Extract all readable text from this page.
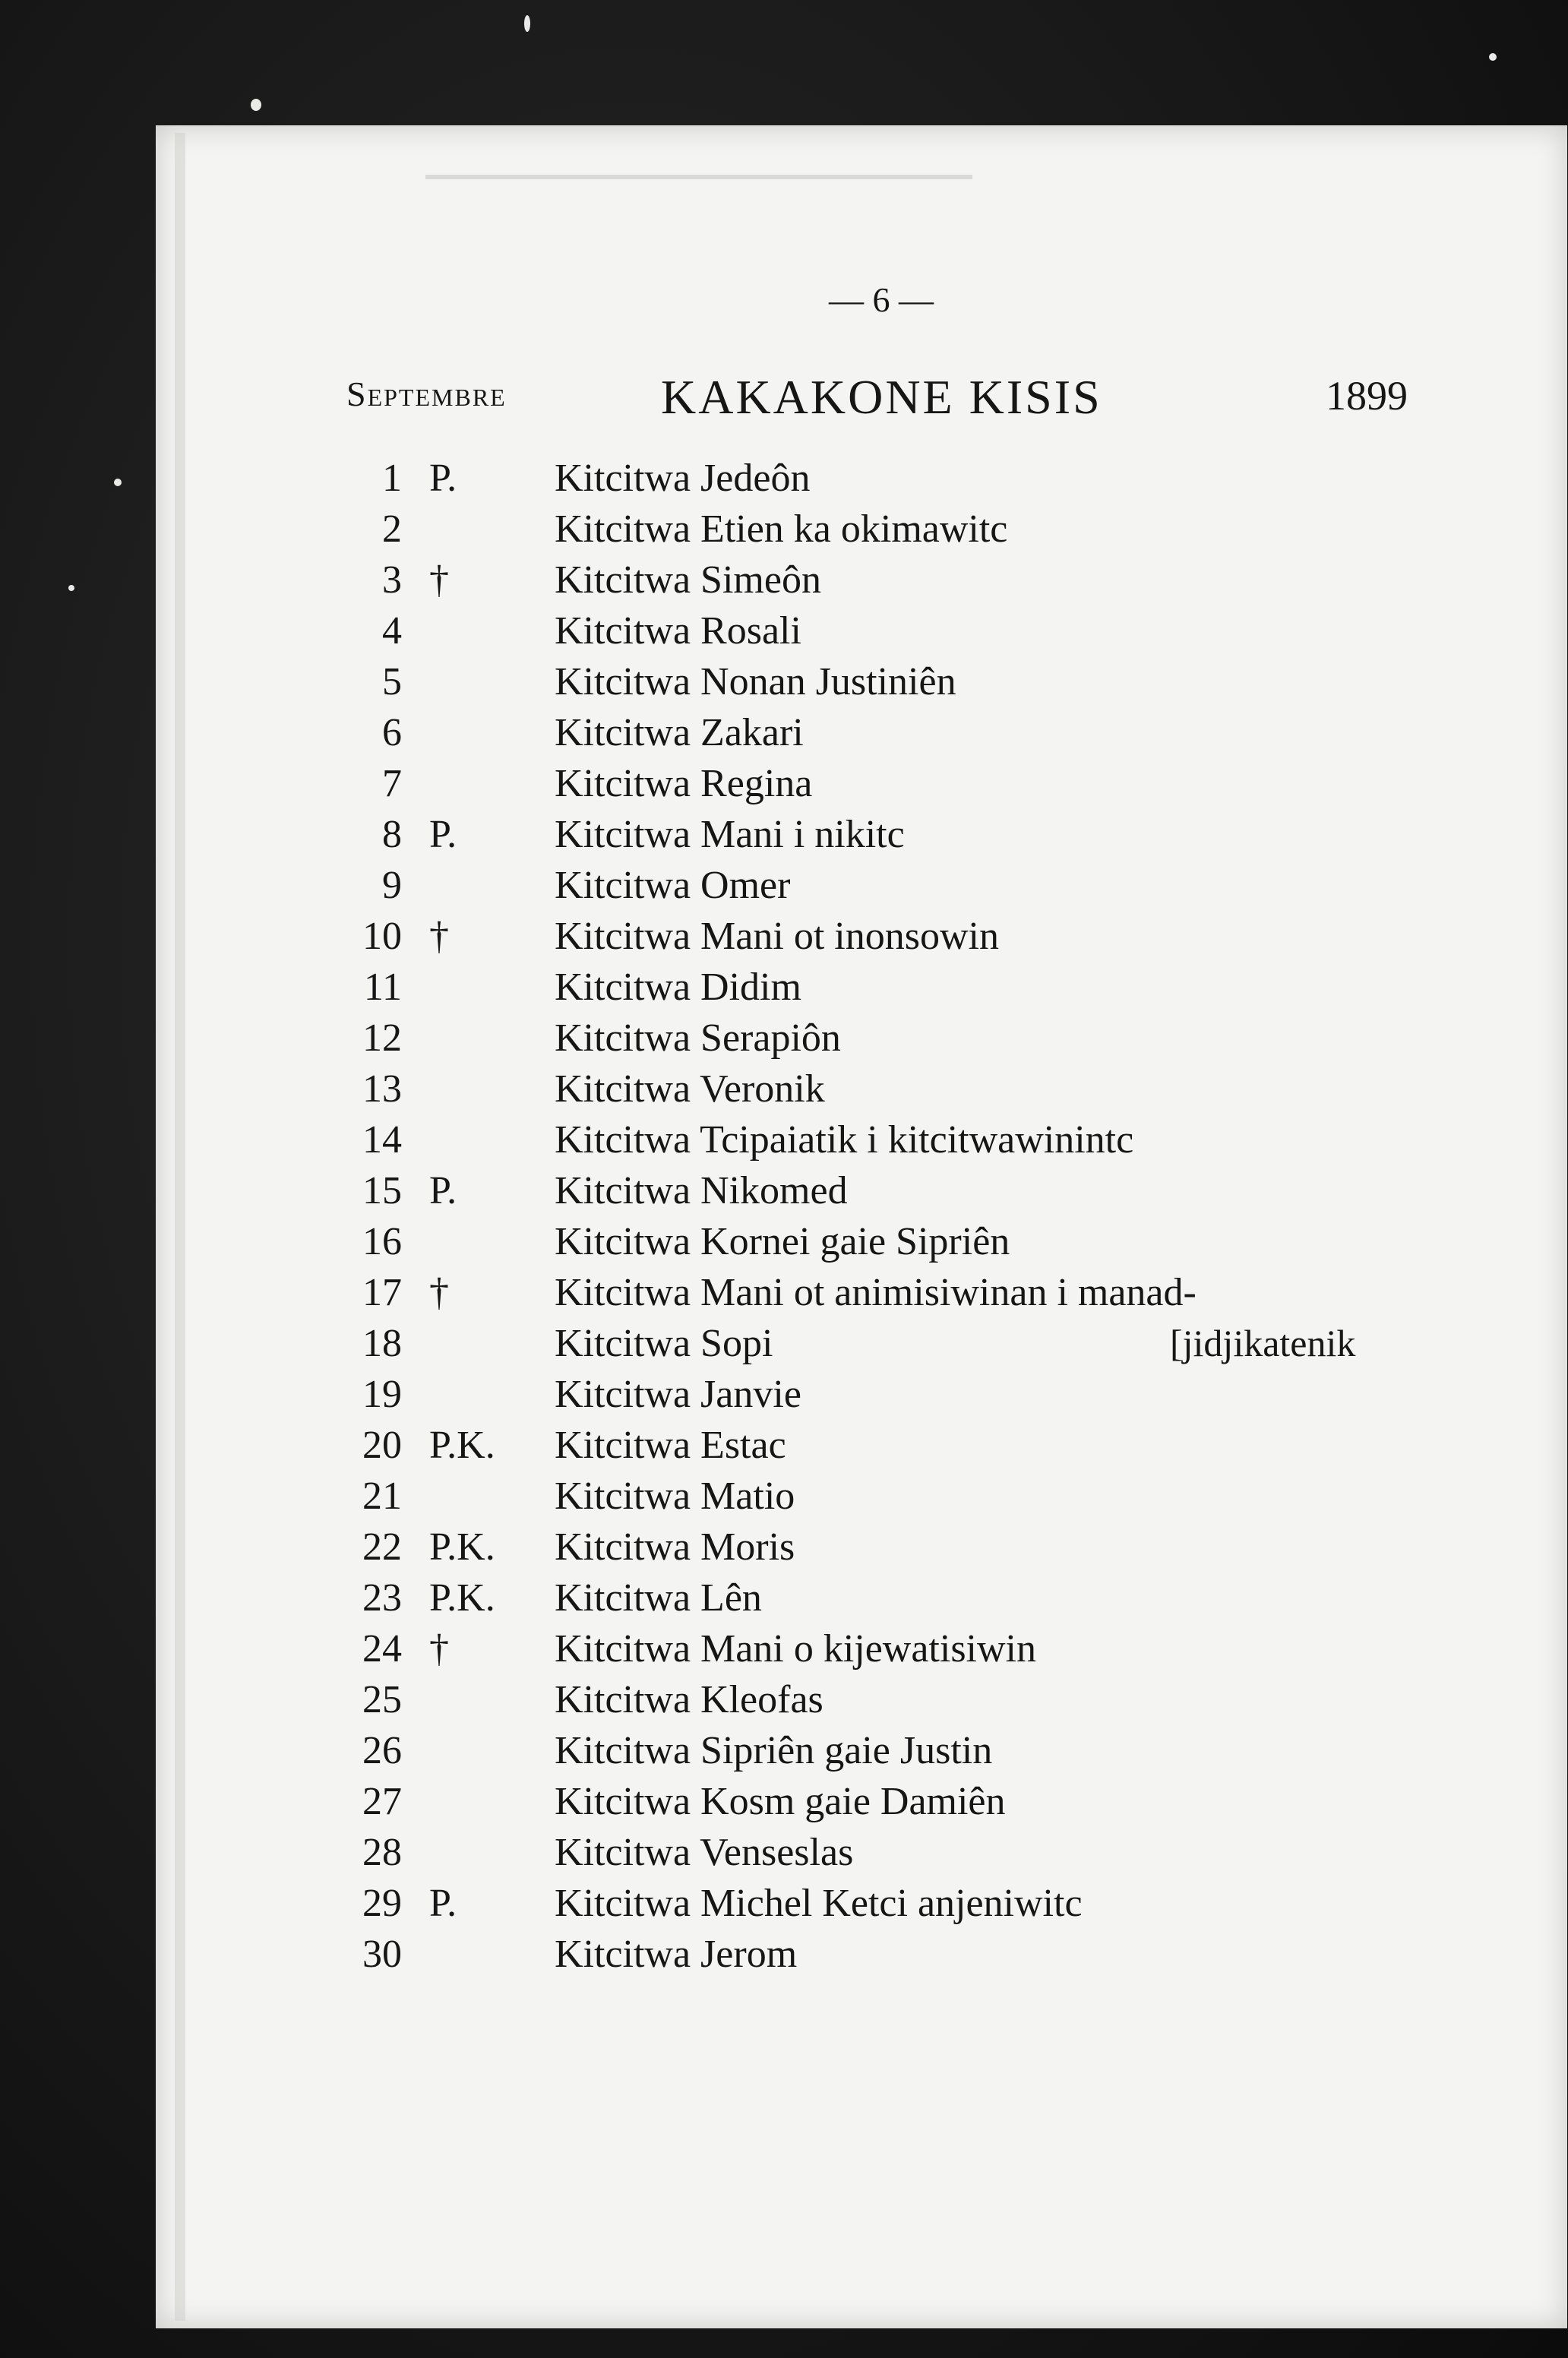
— 6 —
Septembre	KAKAKONE KISIS	1899
1 P. Kitcitwa Jedeôn
2	Kitcitwa Etien ka okimawitc
3 †	Kitcitwa Simeôn
4	Kitcitwa Rosali
5	Kitcitwa Nonan Justiniên
6	Kitcitwa Zakari
7	Kitcitwa Regina
8 P. Kitcitwa Mani i nikitc
9	Kitcitwa Omer
10 †	Kitcitwa Mani ot inonsowin
11	Kitcitwa Didim
12	Kitcitwa Serapiôn
13	Kitcitwa Veronik
14	Kitcitwa Tcipaiatik i kitcitwawinintc
15 P. Kitcitwa Nikomed
16	Kitcitwa Kornei gaie Sipriên
17 †	Kitcitwa Mani ot animisiwinan i manad-
18	Kitcitwa Sopi	[jidjikatenik
19	Kitcitwa Janvie
20 P.K. Kitcitwa Estac
21	Kitcitwa Matio
22 P.K. Kitcitwa Moris
23 P.K. Kitcitwa Lên
24 †	Kitcitwa Mani o kijewatisiwin
25	Kitcitwa Kleofas
26	Kitcitwa Sipriên gaie Justin
27	Kitcitwa Kosm gaie Damiên
28	Kitcitwa Venseslas
29 P. Kitcitwa Michel Ketci anjeniwitc
30	Kitcitwa Jerom
